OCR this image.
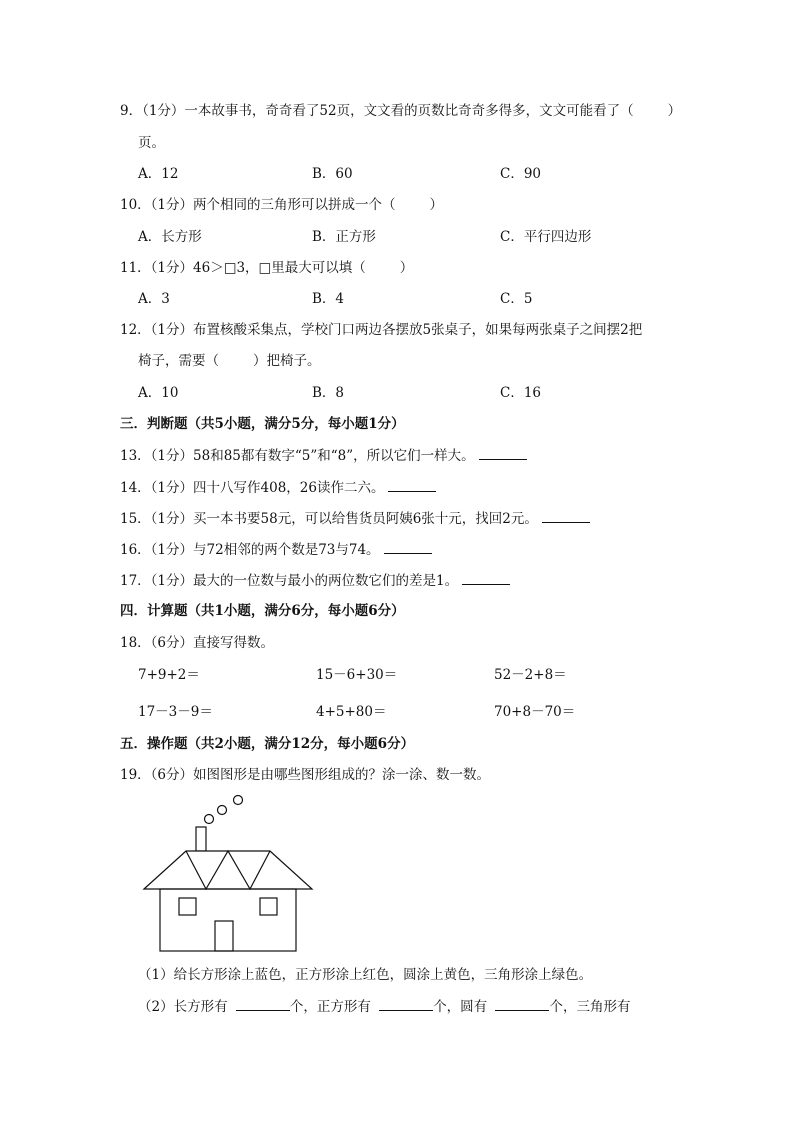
9．（1分）一本故事书，奇奇看了52页，文文看的页数比奇奇多得多，文文可能看了（	）
页。
A．12	B．60	C．90
10．（1分）两个相同的三角形可以拼成一个（	）
A．长方形	B．正方形	C．平行四边形
11．（1分）46＞□3，□里最大可以填（	）
A．3	B．4	C．5
12．（1分）布置核酸采集点，学校门口两边各摆放5张桌子，如果每两张桌子之间摆2把
椅子，需要（	）把椅子。
A．10	B．8	C．16
三．判断题（共5小题，满分5分，每小题1分）
13．（1分）58和85都有数字“5”和“8”，所以它们一样大。
14．（1分）四十八写作408，26读作二六。
15．（1分）买一本书要58元，可以给售货员阿姨6张十元，找回2元。
16．（1分）与72相邻的两个数是73与74。
17．（1分）最大的一位数与最小的两位数它们的差是1。
四．计算题（共1小题，满分6分，每小题6分）
18．（6分）直接写得数。
7+9+2＝	15－6+30＝	52－2+8＝
17－3－9＝	4+5+80＝	70+8－70＝
五．操作题（共2小题，满分12分，每小题6分）
19．（6分）如图图形是由哪些图形组成的？涂一涂、数一数。
（1）给长方形涂上蓝色，正方形涂上红色，圆涂上黄色，三角形涂上绿色。
（2）长方形有	个，正方形有	个，圆有	个，三角形有
